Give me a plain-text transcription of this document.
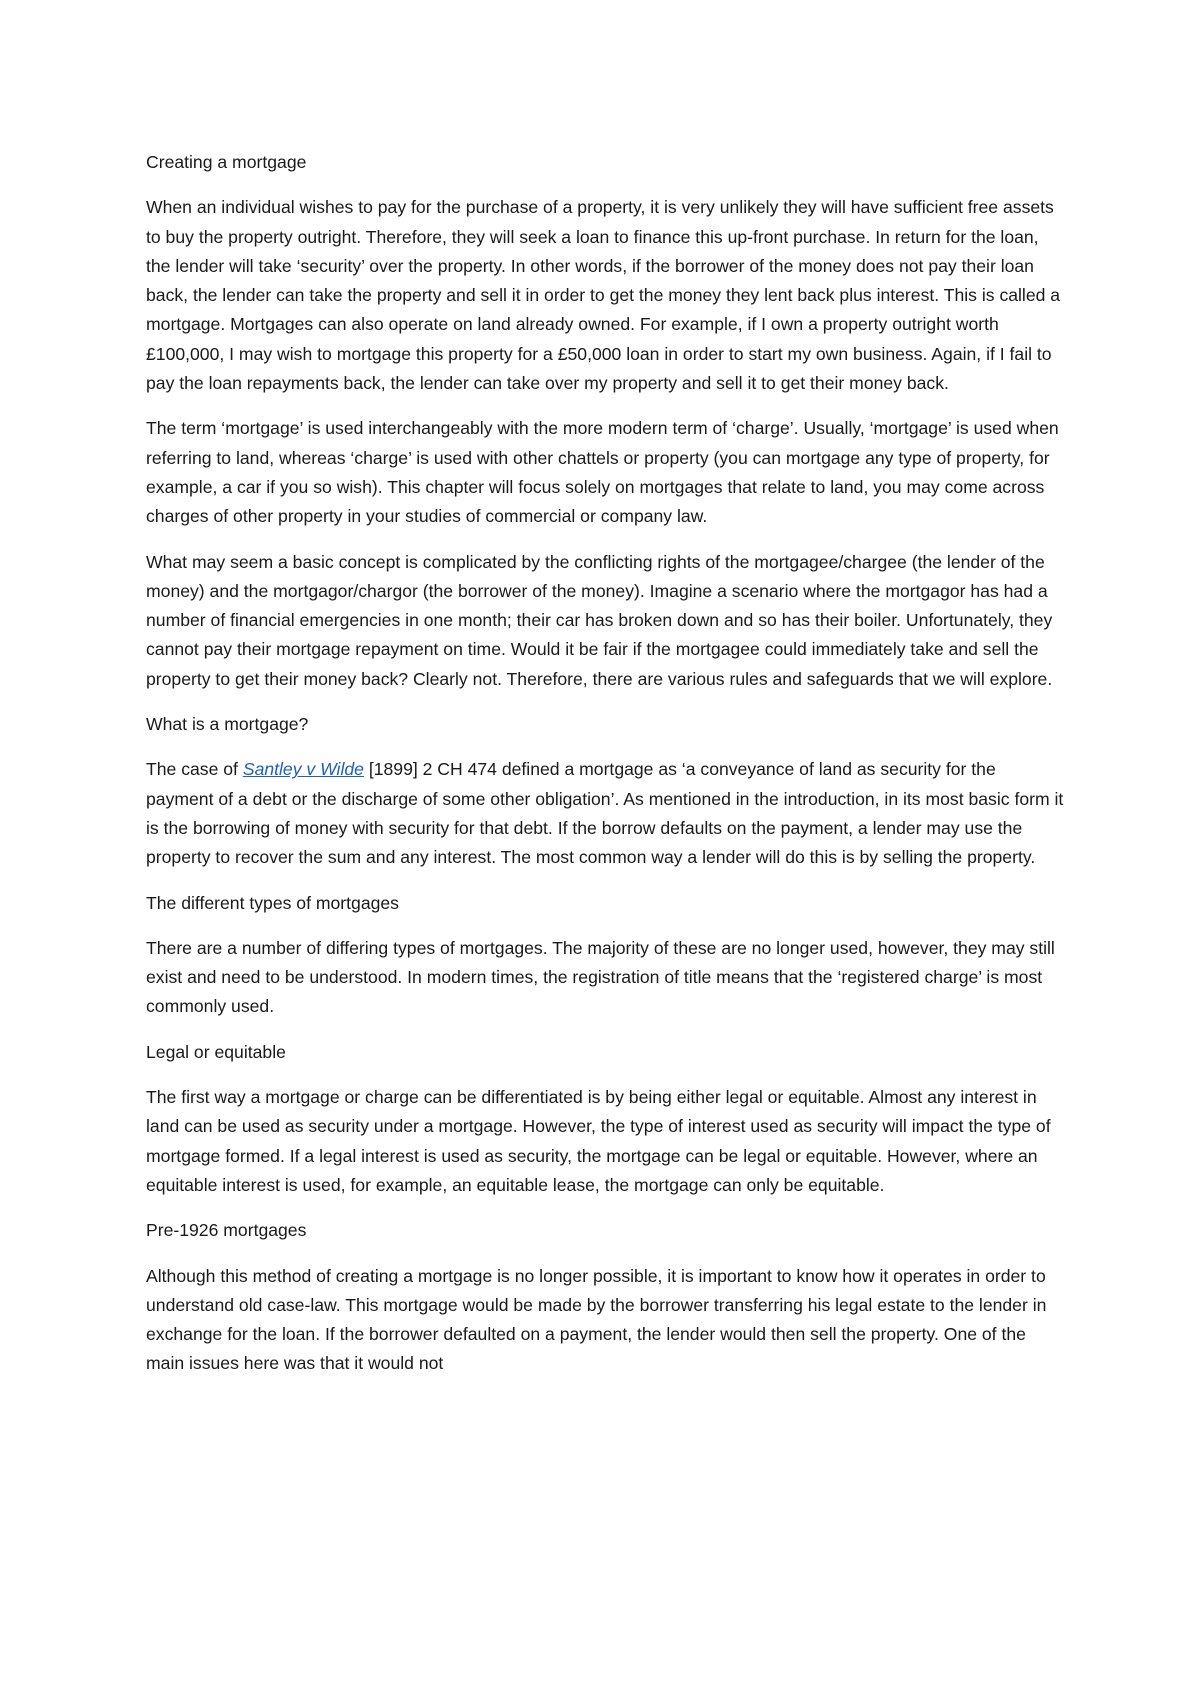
Creating a mortgage

When an individual wishes to pay for the purchase of a property, it is very unlikely they will have sufficient free assets to buy the property outright. Therefore, they will seek a loan to finance this up-front purchase. In return for the loan, the lender will take ‘security’ over the property. In other words, if the borrower of the money does not pay their loan back, the lender can take the property and sell it in order to get the money they lent back plus interest. This is called a mortgage. Mortgages can also operate on land already owned. For example, if I own a property outright worth £100,000, I may wish to mortgage this property for a £50,000 loan in order to start my own business. Again, if I fail to pay the loan repayments back, the lender can take over my property and sell it to get their money back.

The term ‘mortgage’ is used interchangeably with the more modern term of ‘charge’. Usually, ‘mortgage’ is used when referring to land, whereas ‘charge’ is used with other chattels or property (you can mortgage any type of property, for example, a car if you so wish). This chapter will focus solely on mortgages that relate to land, you may come across charges of other property in your studies of commercial or company law.

What may seem a basic concept is complicated by the conflicting rights of the mortgagee/chargee (the lender of the money) and the mortgagor/chargor (the borrower of the money). Imagine a scenario where the mortgagor has had a number of financial emergencies in one month; their car has broken down and so has their boiler. Unfortunately, they cannot pay their mortgage repayment on time. Would it be fair if the mortgagee could immediately take and sell the property to get their money back? Clearly not. Therefore, there are various rules and safeguards that we will explore.

What is a mortgage?

The case of Santley v Wilde [1899] 2 CH 474 defined a mortgage as ‘a conveyance of land as security for the payment of a debt or the discharge of some other obligation’. As mentioned in the introduction, in its most basic form it is the borrowing of money with security for that debt. If the borrow defaults on the payment, a lender may use the property to recover the sum and any interest. The most common way a lender will do this is by selling the property.

The different types of mortgages

There are a number of differing types of mortgages. The majority of these are no longer used, however, they may still exist and need to be understood. In modern times, the registration of title means that the ‘registered charge’ is most commonly used.

Legal or equitable

The first way a mortgage or charge can be differentiated is by being either legal or equitable. Almost any interest in land can be used as security under a mortgage. However, the type of interest used as security will impact the type of mortgage formed. If a legal interest is used as security, the mortgage can be legal or equitable. However, where an equitable interest is used, for example, an equitable lease, the mortgage can only be equitable.

Pre-1926 mortgages

Although this method of creating a mortgage is no longer possible, it is important to know how it operates in order to understand old case-law. This mortgage would be made by the borrower transferring his legal estate to the lender in exchange for the loan. If the borrower defaulted on a payment, the lender would then sell the property. One of the main issues here was that it would not
